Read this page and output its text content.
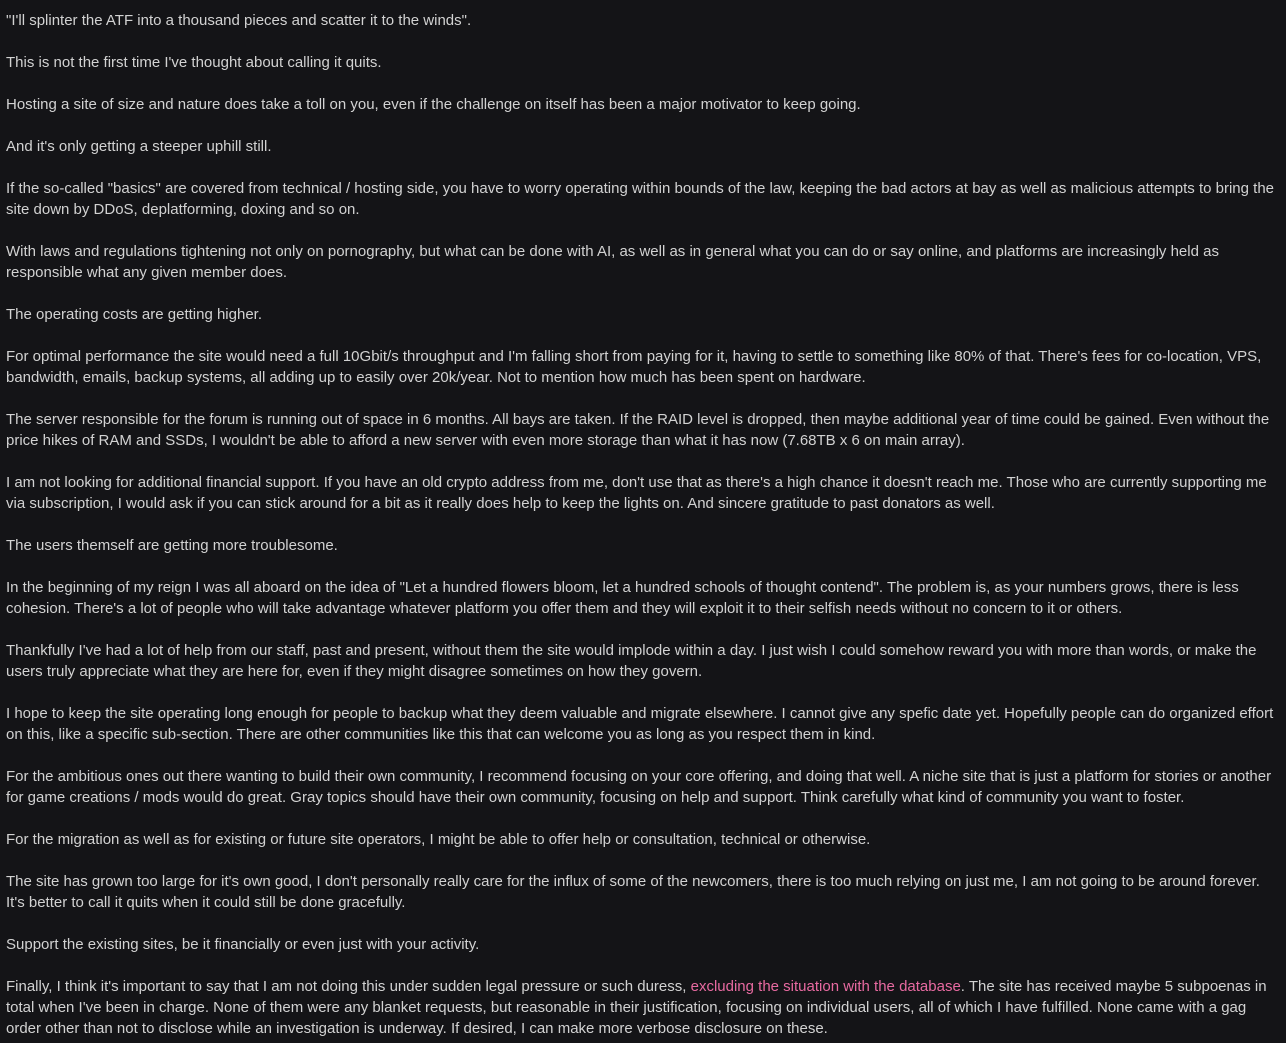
"I'll splinter the ATF into a thousand pieces and scatter it to the winds".

This is not the first time I've thought about calling it quits.

Hosting a site of size and nature does take a toll on you, even if the challenge on itself has been a major motivator to keep going.

And it's only getting a steeper uphill still.

If the so-called "basics" are covered from technical / hosting side, you have to worry operating within bounds of the law, keeping the bad actors at bay as well as malicious attempts to bring the site down by DDoS, deplatforming, doxing and so on.

With laws and regulations tightening not only on pornography, but what can be done with AI, as well as in general what you can do or say online, and platforms are increasingly held as responsible what any given member does.

The operating costs are getting higher.

For optimal performance the site would need a full 10Gbit/s throughput and I'm falling short from paying for it, having to settle to something like 80% of that. There's fees for co-location, VPS, bandwidth, emails, backup systems, all adding up to easily over 20k/year. Not to mention how much has been spent on hardware.

The server responsible for the forum is running out of space in 6 months. All bays are taken. If the RAID level is dropped, then maybe additional year of time could be gained. Even without the price hikes of RAM and SSDs, I wouldn't be able to afford a new server with even more storage than what it has now (7.68TB x 6 on main array).

I am not looking for additional financial support. If you have an old crypto address from me, don't use that as there's a high chance it doesn't reach me. Those who are currently supporting me via subscription, I would ask if you can stick around for a bit as it really does help to keep the lights on. And sincere gratitude to past donators as well.

The users themself are getting more troublesome.

In the beginning of my reign I was all aboard on the idea of "Let a hundred flowers bloom, let a hundred schools of thought contend". The problem is, as your numbers grows, there is less cohesion. There's a lot of people who will take advantage whatever platform you offer them and they will exploit it to their selfish needs without no concern to it or others.

Thankfully I've had a lot of help from our staff, past and present, without them the site would implode within a day. I just wish I could somehow reward you with more than words, or make the users truly appreciate what they are here for, even if they might disagree sometimes on how they govern.

I hope to keep the site operating long enough for people to backup what they deem valuable and migrate elsewhere. I cannot give any spefic date yet. Hopefully people can do organized effort on this, like a specific sub-section. There are other communities like this that can welcome you as long as you respect them in kind.

For the ambitious ones out there wanting to build their own community, I recommend focusing on your core offering, and doing that well. A niche site that is just a platform for stories or another for game creations / mods would do great. Gray topics should have their own community, focusing on help and support. Think carefully what kind of community you want to foster.

For the migration as well as for existing or future site operators, I might be able to offer help or consultation, technical or otherwise.

The site has grown too large for it's own good, I don't personally really care for the influx of some of the newcomers, there is too much relying on just me, I am not going to be around forever. It's better to call it quits when it could still be done gracefully.

Support the existing sites, be it financially or even just with your activity.

Finally, I think it's important to say that I am not doing this under sudden legal pressure or such duress, excluding the situation with the database. The site has received maybe 5 subpoenas in total when I've been in charge. None of them were any blanket requests, but reasonable in their justification, focusing on individual users, all of which I have fulfilled. None came with a gag order other than not to disclose while an investigation is underway. If desired, I can make more verbose disclosure on these.
